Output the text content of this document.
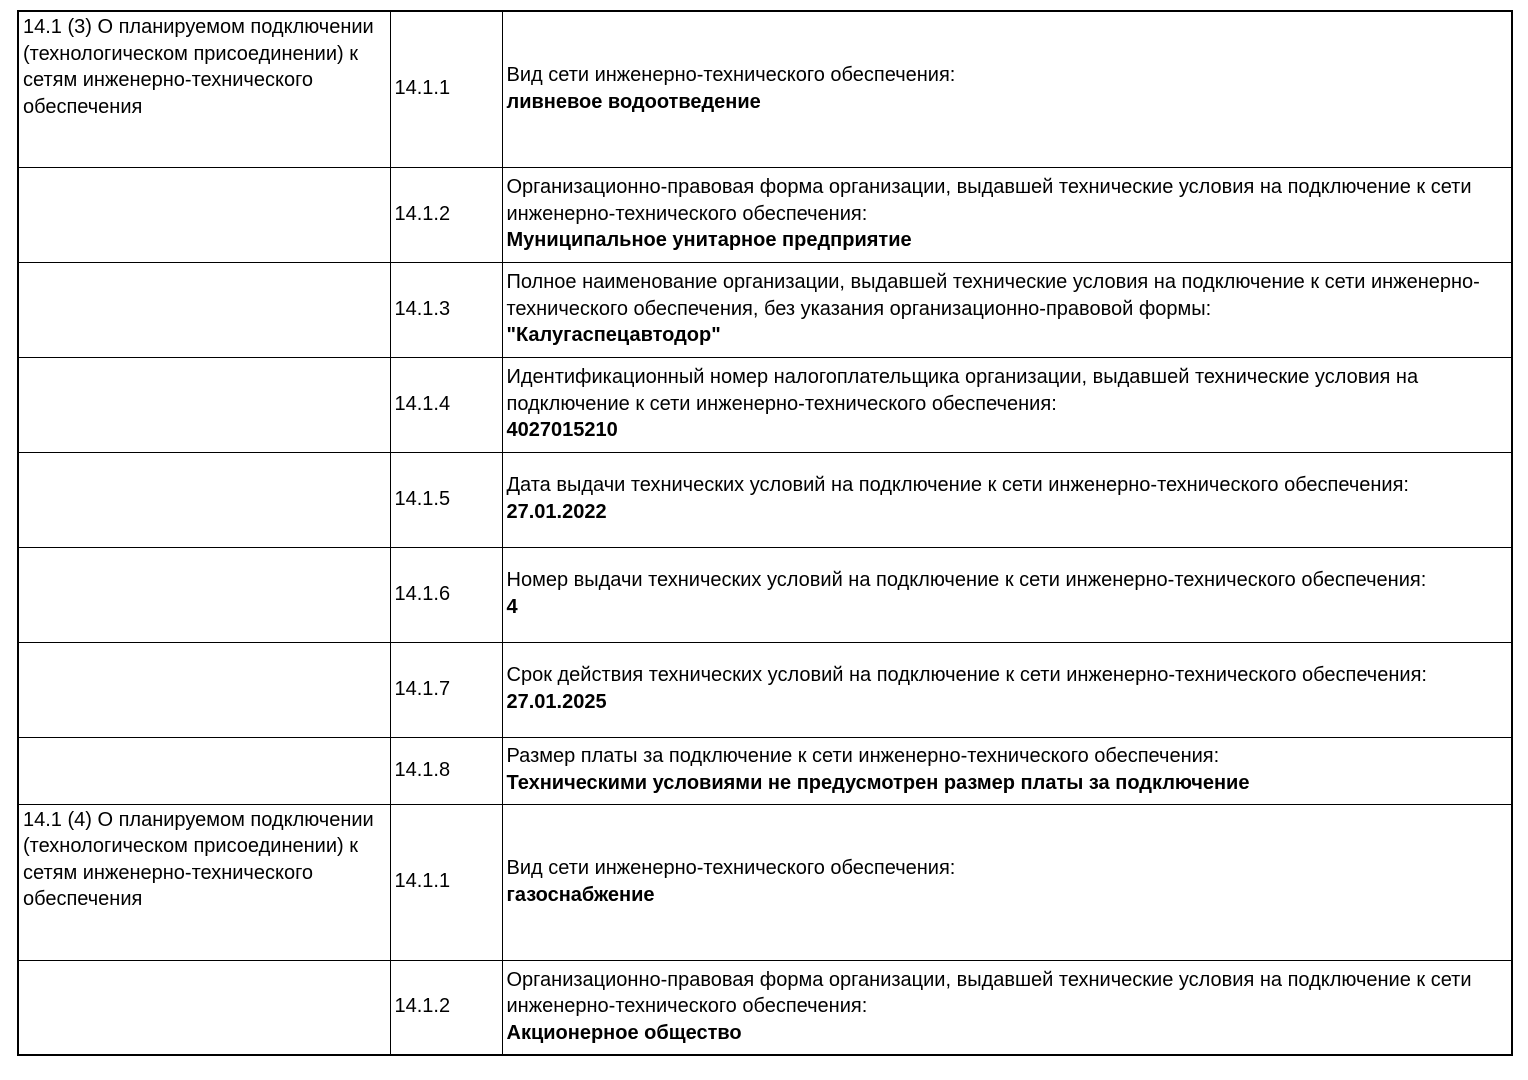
14.1 (3) О планируемом подключении (технологическом присоединении) к сетям инженерно-технического обеспечения	14.1.1	Вид сети инженерно-технического обеспечения:
ливневое водоотведение

	14.1.2	Организационно-правовая форма организации, выдавшей технические условия на подключение к сети инженерно-технического обеспечения:
Муниципальное унитарное предприятие

	14.1.3	Полное наименование организации, выдавшей технические условия на подключение к сети инженерно-технического обеспечения, без указания организационно-правовой формы:
"Калугаспецавтодор"

	14.1.4	Идентификационный номер налогоплательщика организации, выдавшей технические условия на подключение к сети инженерно-технического обеспечения:
4027015210

	14.1.5	Дата выдачи технических условий на подключение к сети инженерно-технического обеспечения:
27.01.2022

	14.1.6	Номер выдачи технических условий на подключение к сети инженерно-технического обеспечения:
4

	14.1.7	Срок действия технических условий на подключение к сети инженерно-технического обеспечения:
27.01.2025

	14.1.8	Размер платы за подключение к сети инженерно-технического обеспечения:
Техническими условиями не предусмотрен размер платы за подключение

14.1 (4) О планируемом подключении (технологическом присоединении) к сетям инженерно-технического обеспечения	14.1.1	Вид сети инженерно-технического обеспечения:
газоснабжение

	14.1.2	Организационно-правовая форма организации, выдавшей технические условия на подключение к сети инженерно-технического обеспечения:
Акционерное общество
